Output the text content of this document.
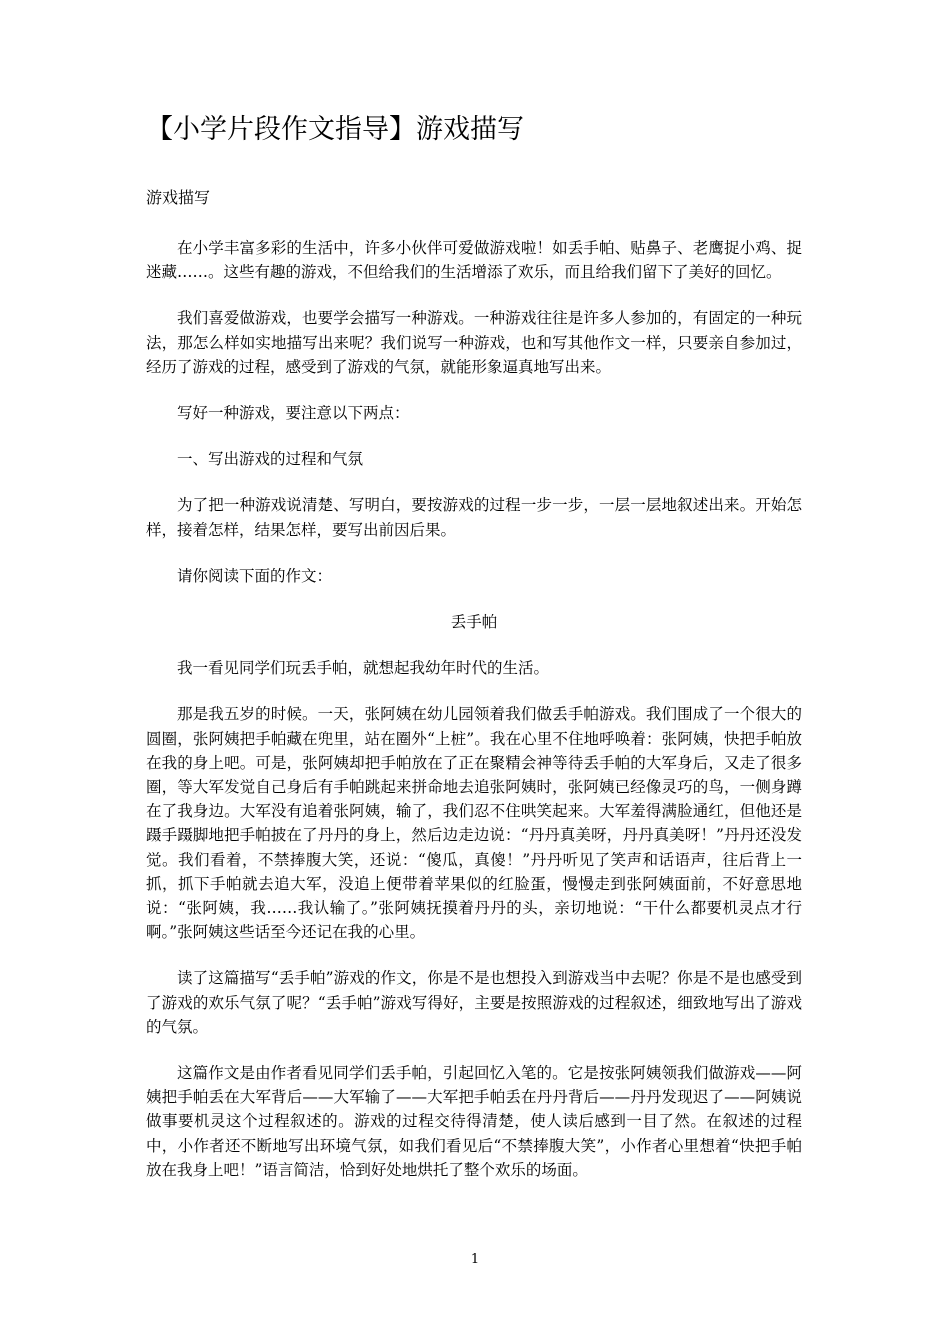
【小学片段作文指导】游戏描写
游戏描写

在小学丰富多彩的生活中，许多小伙伴可爱做游戏啦！如丢手帕、贴鼻子、老鹰捉小鸡、捉迷藏……。这些有趣的游戏，不但给我们的生活增添了欢乐，而且给我们留下了美好的回忆。

我们喜爱做游戏，也要学会描写一种游戏。一种游戏往往是许多人参加的，有固定的一种玩法，那怎么样如实地描写出来呢？我们说写一种游戏，也和写其他作文一样，只要亲自参加过，经历了游戏的过程，感受到了游戏的气氛，就能形象逼真地写出来。

写好一种游戏，要注意以下两点：

一、写出游戏的过程和气氛

为了把一种游戏说清楚、写明白，要按游戏的过程一步一步，一层一层地叙述出来。开始怎样，接着怎样，结果怎样，要写出前因后果。

请你阅读下面的作文：

丢手帕

我一看见同学们玩丢手帕，就想起我幼年时代的生活。

那是我五岁的时候。一天，张阿姨在幼儿园领着我们做丢手帕游戏。我们围成了一个很大的圆圈，张阿姨把手帕藏在兜里，站在圈外“上桩”。我在心里不住地呼唤着：张阿姨，快把手帕放在我的身上吧。可是，张阿姨却把手帕放在了正在聚精会神等待丢手帕的大军身后，又走了很多圈，等大军发觉自己身后有手帕跳起来拼命地去追张阿姨时，张阿姨已经像灵巧的鸟，一侧身蹲在了我身边。大军没有追着张阿姨，输了，我们忍不住哄笑起来。大军羞得满脸通红，但他还是蹑手蹑脚地把手帕披在了丹丹的身上，然后边走边说：“丹丹真美呀，丹丹真美呀！”丹丹还没发觉。我们看着，不禁捧腹大笑，还说：“傻瓜，真傻！”丹丹听见了笑声和话语声，往后背上一抓，抓下手帕就去追大军，没追上便带着苹果似的红脸蛋，慢慢走到张阿姨面前，不好意思地说：“张阿姨，我……我认输了。”张阿姨抚摸着丹丹的头，亲切地说：“干什么都要机灵点才行啊。”张阿姨这些话至今还记在我的心里。

读了这篇描写“丢手帕”游戏的作文，你是不是也想投入到游戏当中去呢？你是不是也感受到了游戏的欢乐气氛了呢？“丢手帕”游戏写得好，主要是按照游戏的过程叙述，细致地写出了游戏的气氛。

这篇作文是由作者看见同学们丢手帕，引起回忆入笔的。它是按张阿姨领我们做游戏——阿姨把手帕丢在大军背后——大军输了——大军把手帕丢在丹丹背后——丹丹发现迟了——阿姨说做事要机灵这个过程叙述的。游戏的过程交待得清楚，使人读后感到一目了然。在叙述的过程中，小作者还不断地写出环境气氛，如我们看见后“不禁捧腹大笑”，小作者心里想着“快把手帕放在我身上吧！”语言简洁，恰到好处地烘托了整个欢乐的场面。

1
